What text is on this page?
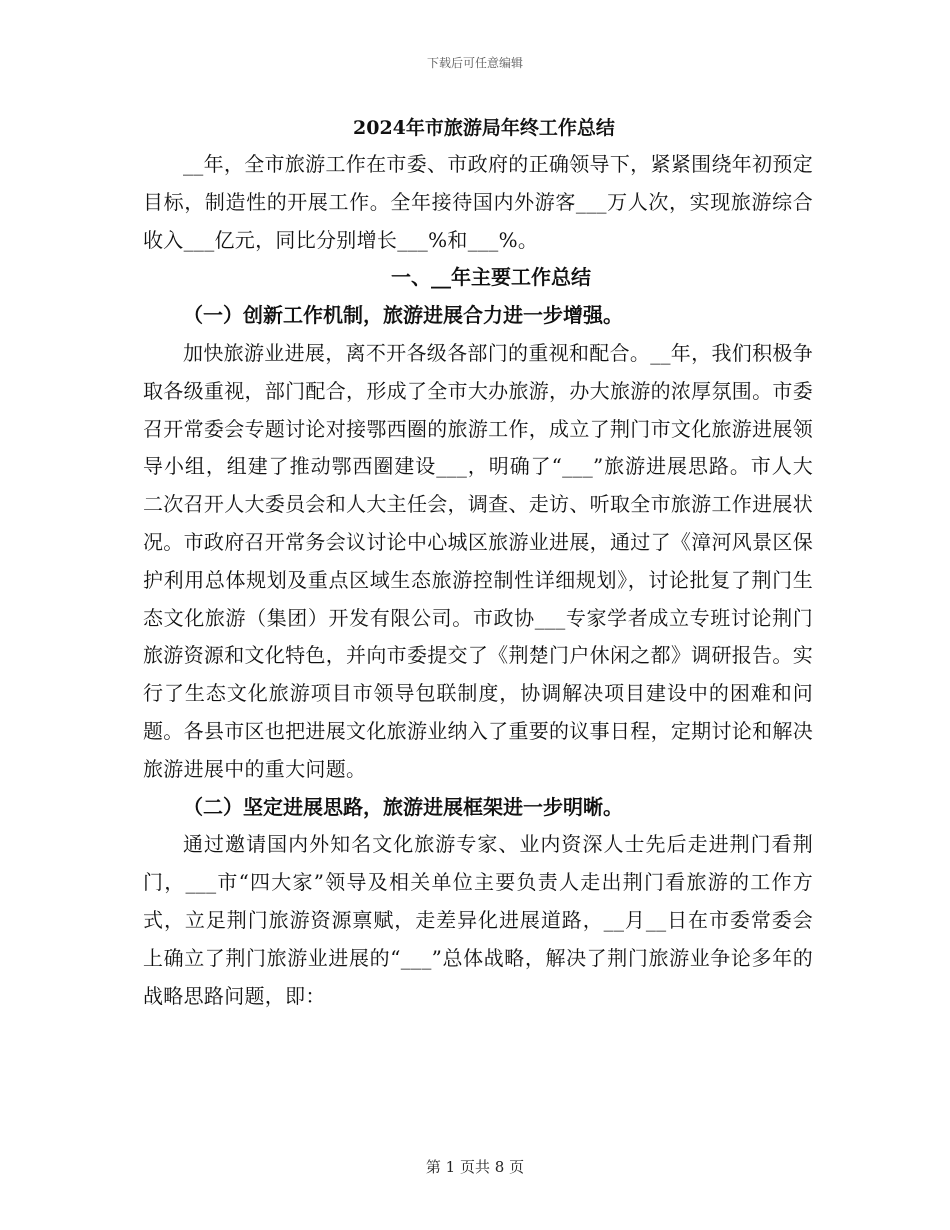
下载后可任意编辑
2024年市旅游局年终工作总结

__年，全市旅游工作在市委、市政府的正确领导下，紧紧围绕年初预定目标，制造性的开展工作。全年接待国内外游客___万人次，实现旅游综合收入___亿元，同比分别增长___%和___%。

一、__年主要工作总结
（一）创新工作机制，旅游进展合力进一步增强。

加快旅游业进展，离不开各级各部门的重视和配合。__年，我们积极争取各级重视，部门配合，形成了全市大办旅游，办大旅游的浓厚氛围。市委召开常委会专题讨论对接鄂西圈的旅游工作，成立了荆门市文化旅游进展领导小组，组建了推动鄂西圈建设___，明确了“___”旅游进展思路。市人大二次召开人大委员会和人大主任会，调查、走访、听取全市旅游工作进展状况。市政府召开常务会议讨论中心城区旅游业进展，通过了《漳河风景区保护利用总体规划及重点区域生态旅游控制性详细规划》，讨论批复了荆门生态文化旅游（集团）开发有限公司。市政协___专家学者成立专班讨论荆门旅游资源和文化特色，并向市委提交了《荆楚门户休闲之都》调研报告。实行了生态文化旅游项目市领导包联制度，协调解决项目建设中的困难和问题。各县市区也把进展文化旅游业纳入了重要的议事日程，定期讨论和解决旅游进展中的重大问题。

（二）坚定进展思路，旅游进展框架进一步明晰。

通过邀请国内外知名文化旅游专家、业内资深人士先后走进荆门看荆门，___市“四大家”领导及相关单位主要负责人走出荆门看旅游的工作方式，立足荆门旅游资源禀赋，走差异化进展道路，__月__日在市委常委会上确立了荆门旅游业进展的“___”总体战略，解决了荆门旅游业争论多年的战略思路问题，即：

第 1 页共 8 页
